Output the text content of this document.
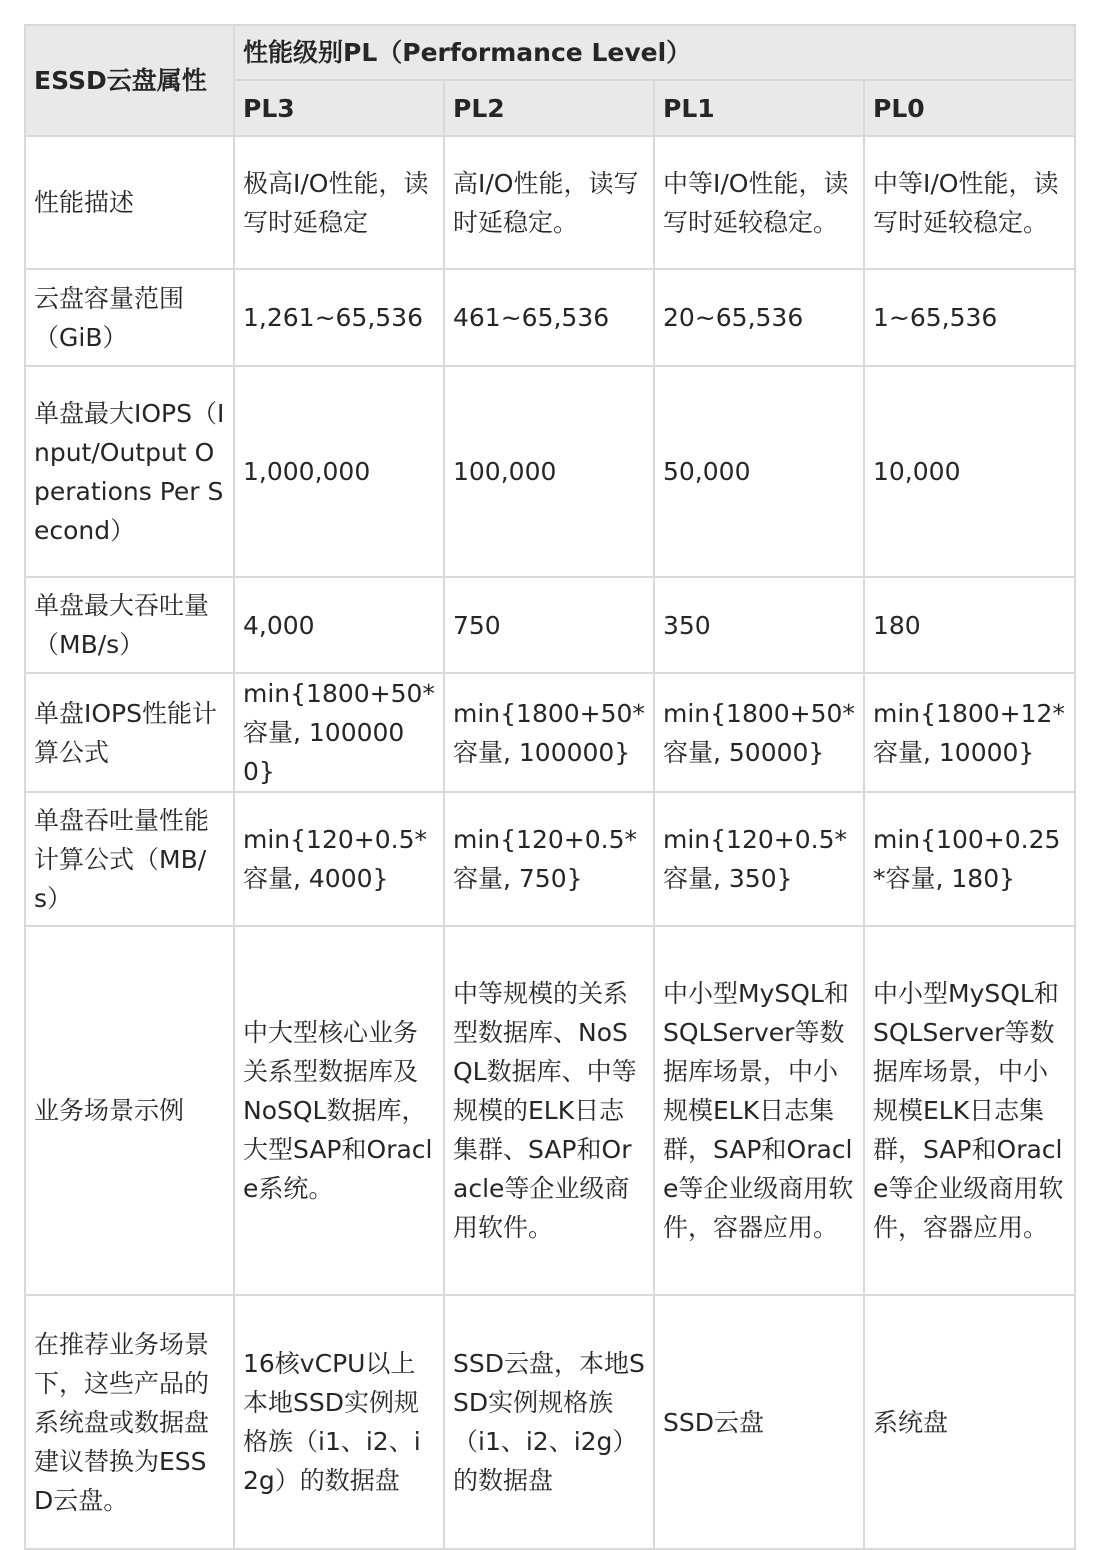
ESSD云盘属性	性能级别PL（Performance Level）			
	PL3	PL2	PL1	PL0
性能描述	极高I/O性能，读写时延稳定	高I/O性能，读写时延稳定。	中等I/O性能，读写时延较稳定。	中等I/O性能，读写时延较稳定。
云盘容量范围（GiB）	1,261~65,536	461~65,536	20~65,536	1~65,536
单盘最大IOPS（Input/Output Operations Per Second）	1,000,000	100,000	50,000	10,000
单盘最大吞吐量（MB/s）	4,000	750	350	180
单盘IOPS性能计算公式	min{1800+50*容量, 1000000}	min{1800+50*容量, 100000}	min{1800+50*容量, 50000}	min{1800+12*容量, 10000}
单盘吞吐量性能计算公式（MB/s）	min{120+0.5*容量, 4000}	min{120+0.5*容量, 750}	min{120+0.5*容量, 350}	min{100+0.25*容量, 180}
业务场景示例	中大型核心业务关系型数据库及NoSQL数据库，大型SAP和Oracle系统。	中等规模的关系型数据库、NoSQL数据库、中等规模的ELK日志集群、SAP和Oracle等企业级商用软件。	中小型MySQL和SQLServer等数据库场景，中小规模ELK日志集群，SAP和Oracle等企业级商用软件，容器应用。	中小型MySQL和SQLServer等数据库场景，中小规模ELK日志集群，SAP和Oracle等企业级商用软件，容器应用。
在推荐业务场景下，这些产品的系统盘或数据盘建议替换为ESSD云盘。	16核vCPU以上本地SSD实例规格族（i1、i2、i2g）的数据盘	SSD云盘，本地SSD实例规格族（i1、i2、i2g）的数据盘	SSD云盘	系统盘
